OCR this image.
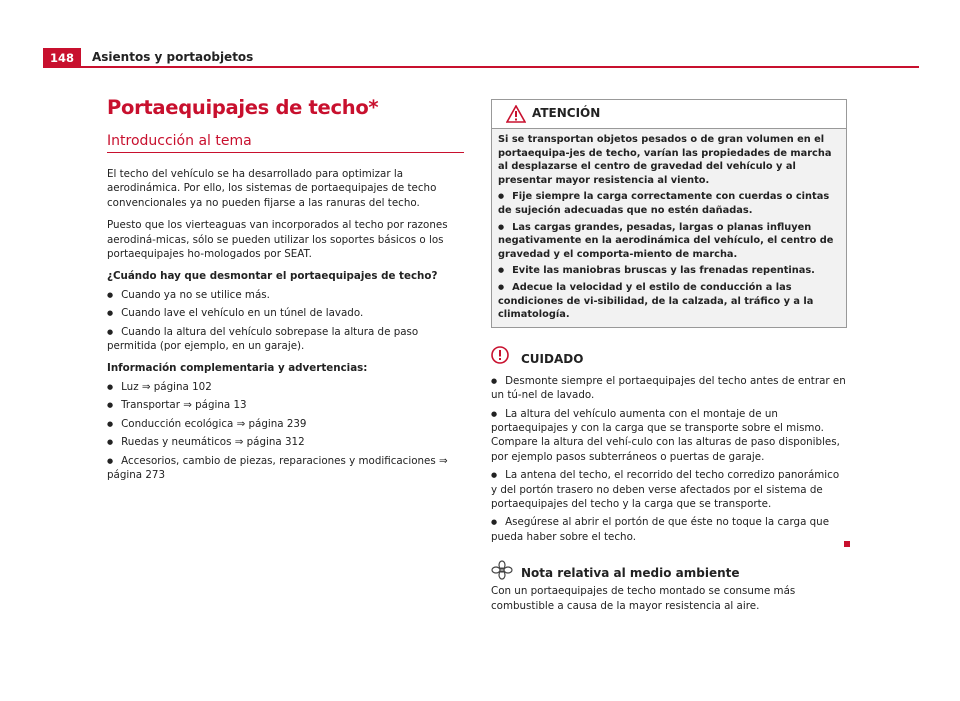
148	Asientos y portaobjetos
Portaequipajes de techo*
Introducción al tema

El techo del vehículo se ha desarrollado para optimizar la aerodinámica. Por ello, los sistemas de portaequipajes de techo convencionales ya no pueden fijarse a las ranuras del techo.

Puesto que los vierteaguas van incorporados al techo por razones aerodiná-micas, sólo se pueden utilizar los soportes básicos o los portaequipajes ho-mologados por SEAT.

¿Cuándo hay que desmontar el portaequipajes de techo?

● Cuando ya no se utilice más.

● Cuando lave el vehículo en un túnel de lavado.

● Cuando la altura del vehículo sobrepase la altura de paso permitida (por ejemplo, en un garaje).

Información complementaria y advertencias:

● Luz ⇒ página 102

● Transportar ⇒ página 13

● Conducción ecológica ⇒ página 239

● Ruedas y neumáticos ⇒ página 312

● Accesorios, cambio de piezas, reparaciones y modificaciones ⇒ página 273

ATENCIÓN

Si se transportan objetos pesados o de gran volumen en el portaequipa-jes de techo, varían las propiedades de marcha al desplazarse el centro de gravedad del vehículo y al presentar mayor resistencia al viento.

● Fije siempre la carga correctamente con cuerdas o cintas de sujeción adecuadas que no estén dañadas.

● Las cargas grandes, pesadas, largas o planas influyen negativamente en la aerodinámica del vehículo, el centro de gravedad y el comporta-miento de marcha.

● Evite las maniobras bruscas y las frenadas repentinas.

● Adecue la velocidad y el estilo de conducción a las condiciones de vi-sibilidad, de la calzada, al tráfico y a la climatología.

CUIDADO

● Desmonte siempre el portaequipajes del techo antes de entrar en un tú-nel de lavado.

● La altura del vehículo aumenta con el montaje de un portaequipajes y con la carga que se transporte sobre el mismo. Compare la altura del vehí-culo con las alturas de paso disponibles, por ejemplo pasos subterráneos o puertas de garaje.

● La antena del techo, el recorrido del techo corredizo panorámico y del portón trasero no deben verse afectados por el sistema de portaequipajes del techo y la carga que se transporte.

● Asegúrese al abrir el portón de que éste no toque la carga que pueda haber sobre el techo.

Nota relativa al medio ambiente

Con un portaequipajes de techo montado se consume más combustible a causa de la mayor resistencia al aire.
